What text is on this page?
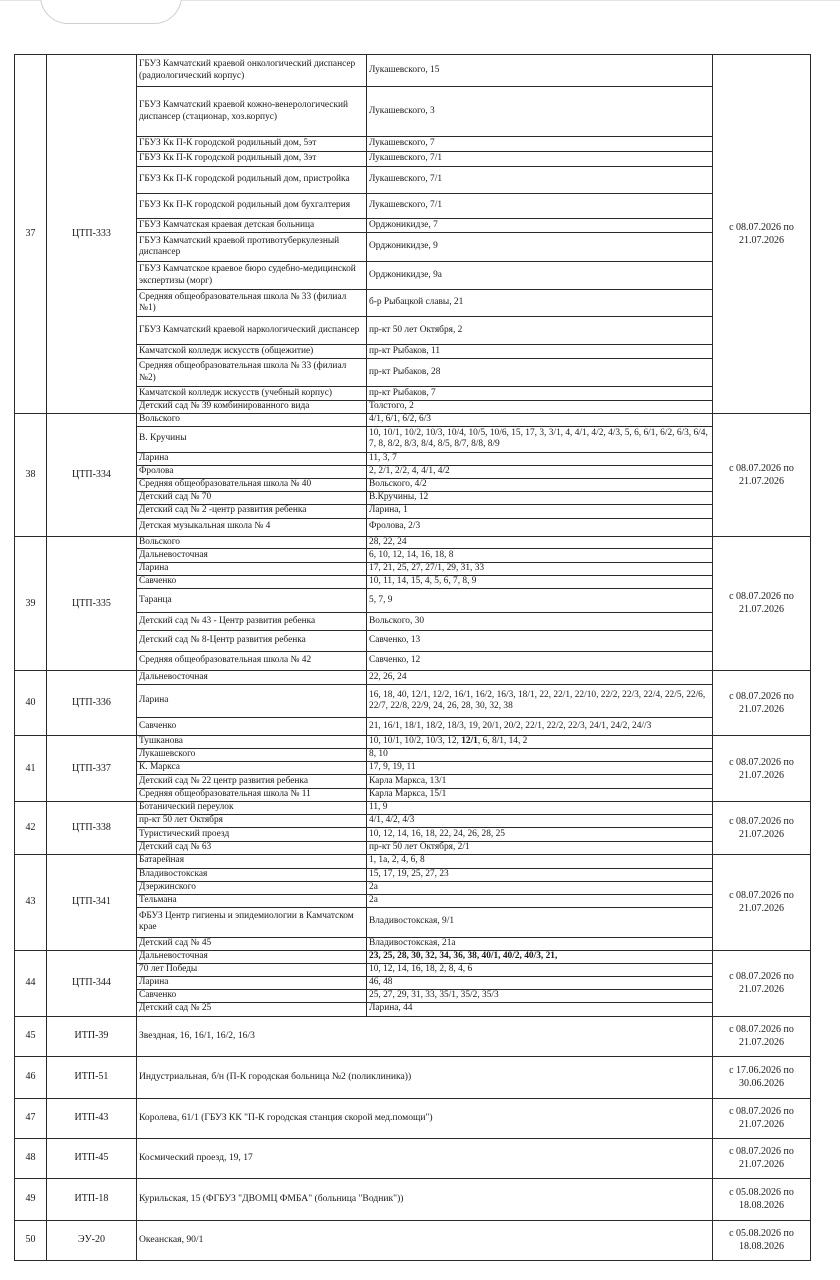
37	ЦТП-333	ГБУЗ Камчатский краевой онкологический диспансер (радиологический корпус)	Лукашевского, 15	с 08.07.2026 по 21.07.2026
		ГБУЗ Камчатский краевой кожно-венерологический диспансер (стационар, хоз.корпус)	Лукашевского, 3	
		ГБУЗ Кк П-К городской родильный дом, 5эт	Лукашевского, 7	
		ГБУЗ Кк П-К городской родильный дом, 3эт	Лукашевского, 7/1	
		ГБУЗ Кк П-К городской родильный дом, пристройка	Лукашевского, 7/1	
		ГБУЗ Кк П-К городской родильный дом бухгалтерия	Лукашевского, 7/1	
		ГБУЗ Камчатская краевая детская больница	Орджоникидзе, 7	
		ГБУЗ Камчатский краевой противотуберкулезный диспансер	Орджоникидзе, 9	
		ГБУЗ Камчатское краевое бюро судебно-медицинской экспертизы (морг)	Орджоникидзе, 9а	
		Средняя общеобразовательная школа № 33 (филиал №1)	б-р Рыбацкой славы, 21	
		ГБУЗ Камчатский краевой наркологический диспансер	пр-кт 50 лет Октября, 2	
		Камчатской колледж искусств (общежитие)	пр-кт Рыбаков, 11	
		Средняя общеобразовательная школа № 33 (филиал №2)	пр-кт Рыбаков, 28	
		Камчатской колледж искусств (учебный корпус)	пр-кт Рыбаков, 7	
		Детский сад № 39 комбинированного вида	Толстого, 2	
38	ЦТП-334	Вольского	4/1, 6/1, 6/2, 6/3	с 08.07.2026 по 21.07.2026
		В. Кручины	10, 10/1, 10/2, 10/3, 10/4, 10/5, 10/6, 15, 17, 3, 3/1, 4, 4/1, 4/2, 4/3, 5, 6, 6/1, 6/2, 6/3, 6/4, 7, 8, 8/2, 8/3, 8/4, 8/5, 8/7, 8/8, 8/9	
		Ларина	11, 3, 7	
		Фролова	2, 2/1, 2/2, 4, 4/1, 4/2	
		Средняя общеобразовательная школа № 40	Вольского, 4/2	
		Детский сад № 70	В.Кручины, 12	
		Детский сад № 2 -центр развития ребенка	Ларина, 1	
		Детская музыкальная школа № 4	Фролова, 2/3	
39	ЦТП-335	Вольского	28, 22, 24	с 08.07.2026 по 21.07.2026
		Дальневосточная	6, 10, 12, 14, 16, 18, 8	
		Ларина	17, 21, 25, 27, 27/1, 29, 31, 33	
		Савченко	10, 11, 14, 15, 4, 5, 6, 7, 8, 9	
		Таранца	5, 7, 9	
		Детский сад № 43 - Центр развития ребенка	Вольского, 30	
		Детский сад № 8-Центр развития ребенка	Савченко, 13	
		Средняя общеобразовательная школа № 42	Савченко, 12	
40	ЦТП-336	Дальневосточная	22, 26, 24	с 08.07.2026 по 21.07.2026
		Ларина	16, 18, 40, 12/1, 12/2, 16/1, 16/2, 16/3, 18/1, 22, 22/1, 22/10, 22/2, 22/3, 22/4, 22/5, 22/6, 22/7, 22/8, 22/9, 24, 26, 28, 30, 32, 38	
		Савченко	21, 16/1, 18/1, 18/2, 18/3, 19, 20/1, 20/2, 22/1, 22/2, 22/3, 24/1, 24/2, 24//3	
41	ЦТП-337	Тушканова	10, 10/1, 10/2, 10/3, 12, 12/1, 6, 8/1, 14, 2	с 08.07.2026 по 21.07.2026
		Лукашевского	8, 10	
		К. Маркса	17, 9, 19, 11	
		Детский сад № 22 центр развития ребенка	Карла Маркса, 13/1	
		Средняя общеобразовательная школа № 11	Карла Маркса, 15/1	
42	ЦТП-338	Ботанический переулок	11, 9	с 08.07.2026 по 21.07.2026
		пр-кт 50 лет Октября	4/1, 4/2, 4/3	
		Туристический проезд	10, 12, 14, 16, 18, 22, 24, 26, 28, 25	
		Детский сад № 63	пр-кт 50 лет Октября, 2/1	
43	ЦТП-341	Батарейная	1, 1а, 2, 4, 6, 8	с 08.07.2026 по 21.07.2026
		Владивостокская	15, 17, 19, 25, 27, 23	
		Дзержинского	2а	
		Тельмана	2а	
		ФБУЗ Центр гигиены и эпидемиологии в Камчатском крае	Владивостокская, 9/1	
		Детский сад № 45	Владивостокская, 21а	
44	ЦТП-344	Дальневосточная	23, 25, 28, 30, 32, 34, 36, 38, 40/1, 40/2, 40/3, 21,	с 08.07.2026 по 21.07.2026
		70 лет Победы	10, 12, 14, 16, 18, 2, 8, 4, 6	
		Ларина	46, 48	
		Савченко	25, 27, 29, 31, 33, 35/1, 35/2, 35/3	
		Детский сад № 25	Ларина, 44	
45	ИТП-39	Звездная, 16, 16/1, 16/2, 16/3		с 08.07.2026 по 21.07.2026
46	ИТП-51	Индустриальная, б/н (П-К городская больница №2 (поликлиника))		с 17.06.2026 по 30.06.2026
47	ИТП-43	Королева, 61/1 (ГБУЗ КК "П-К городская станция скорой мед.помощи")		с 08.07.2026 по 21.07.2026
48	ИТП-45	Космический проезд, 19, 17		с 08.07.2026 по 21.07.2026
49	ИТП-18	Курильская, 15 (ФГБУЗ "ДВОМЦ ФМБА" (больница "Водник"))		с 05.08.2026 по 18.08.2026
50	ЭУ-20	Океанская, 90/1		с 05.08.2026 по 18.08.2026
